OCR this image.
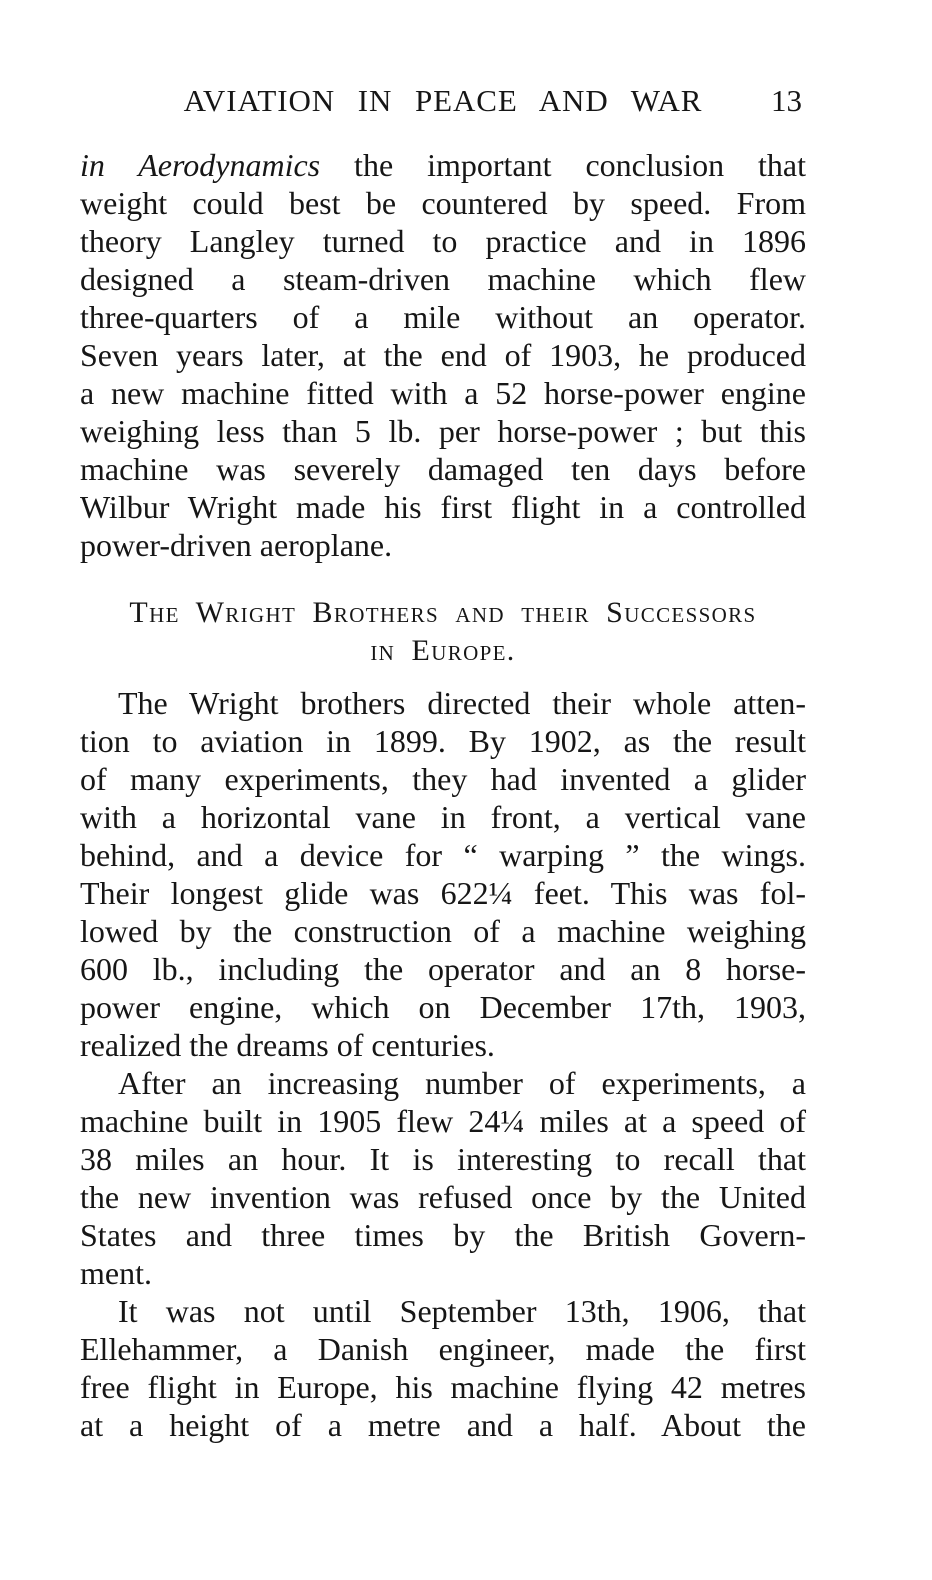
AVIATION IN PEACE AND WAR	13
in Aerodynamics the important conclusion that
weight could best be countered by speed. From
theory Langley turned to practice and in 1896
designed a steam-driven machine which flew
three-quarters of a mile without an operator.
Seven years later, at the end of 1903, he produced
a new machine fitted with a 52 horse-power engine
weighing less than 5 lb. per horse-power ; but this
machine was severely damaged ten days before
Wilbur Wright made his first flight in a controlled
power-driven aeroplane.
The Wright Brothers and their Successors
in Europe.
The Wright brothers directed their whole atten-
tion to aviation in 1899. By 1902, as the result
of many experiments, they had invented a glider
with a horizontal vane in front, a vertical vane
behind, and a device for “ warping ” the wings.
Their longest glide was 622¼ feet. This was fol-
lowed by the construction of a machine weighing
600 lb., including the operator and an 8 horse-
power engine, which on December 17th, 1903,
realized the dreams of centuries.
After an increasing number of experiments, a
machine built in 1905 flew 24¼ miles at a speed of
38 miles an hour. It is interesting to recall that
the new invention was refused once by the United
States and three times by the British Govern-
ment.
It was not until September 13th, 1906, that
Ellehammer, a Danish engineer, made the first
free flight in Europe, his machine flying 42 metres
at a height of a metre and a half. About the
